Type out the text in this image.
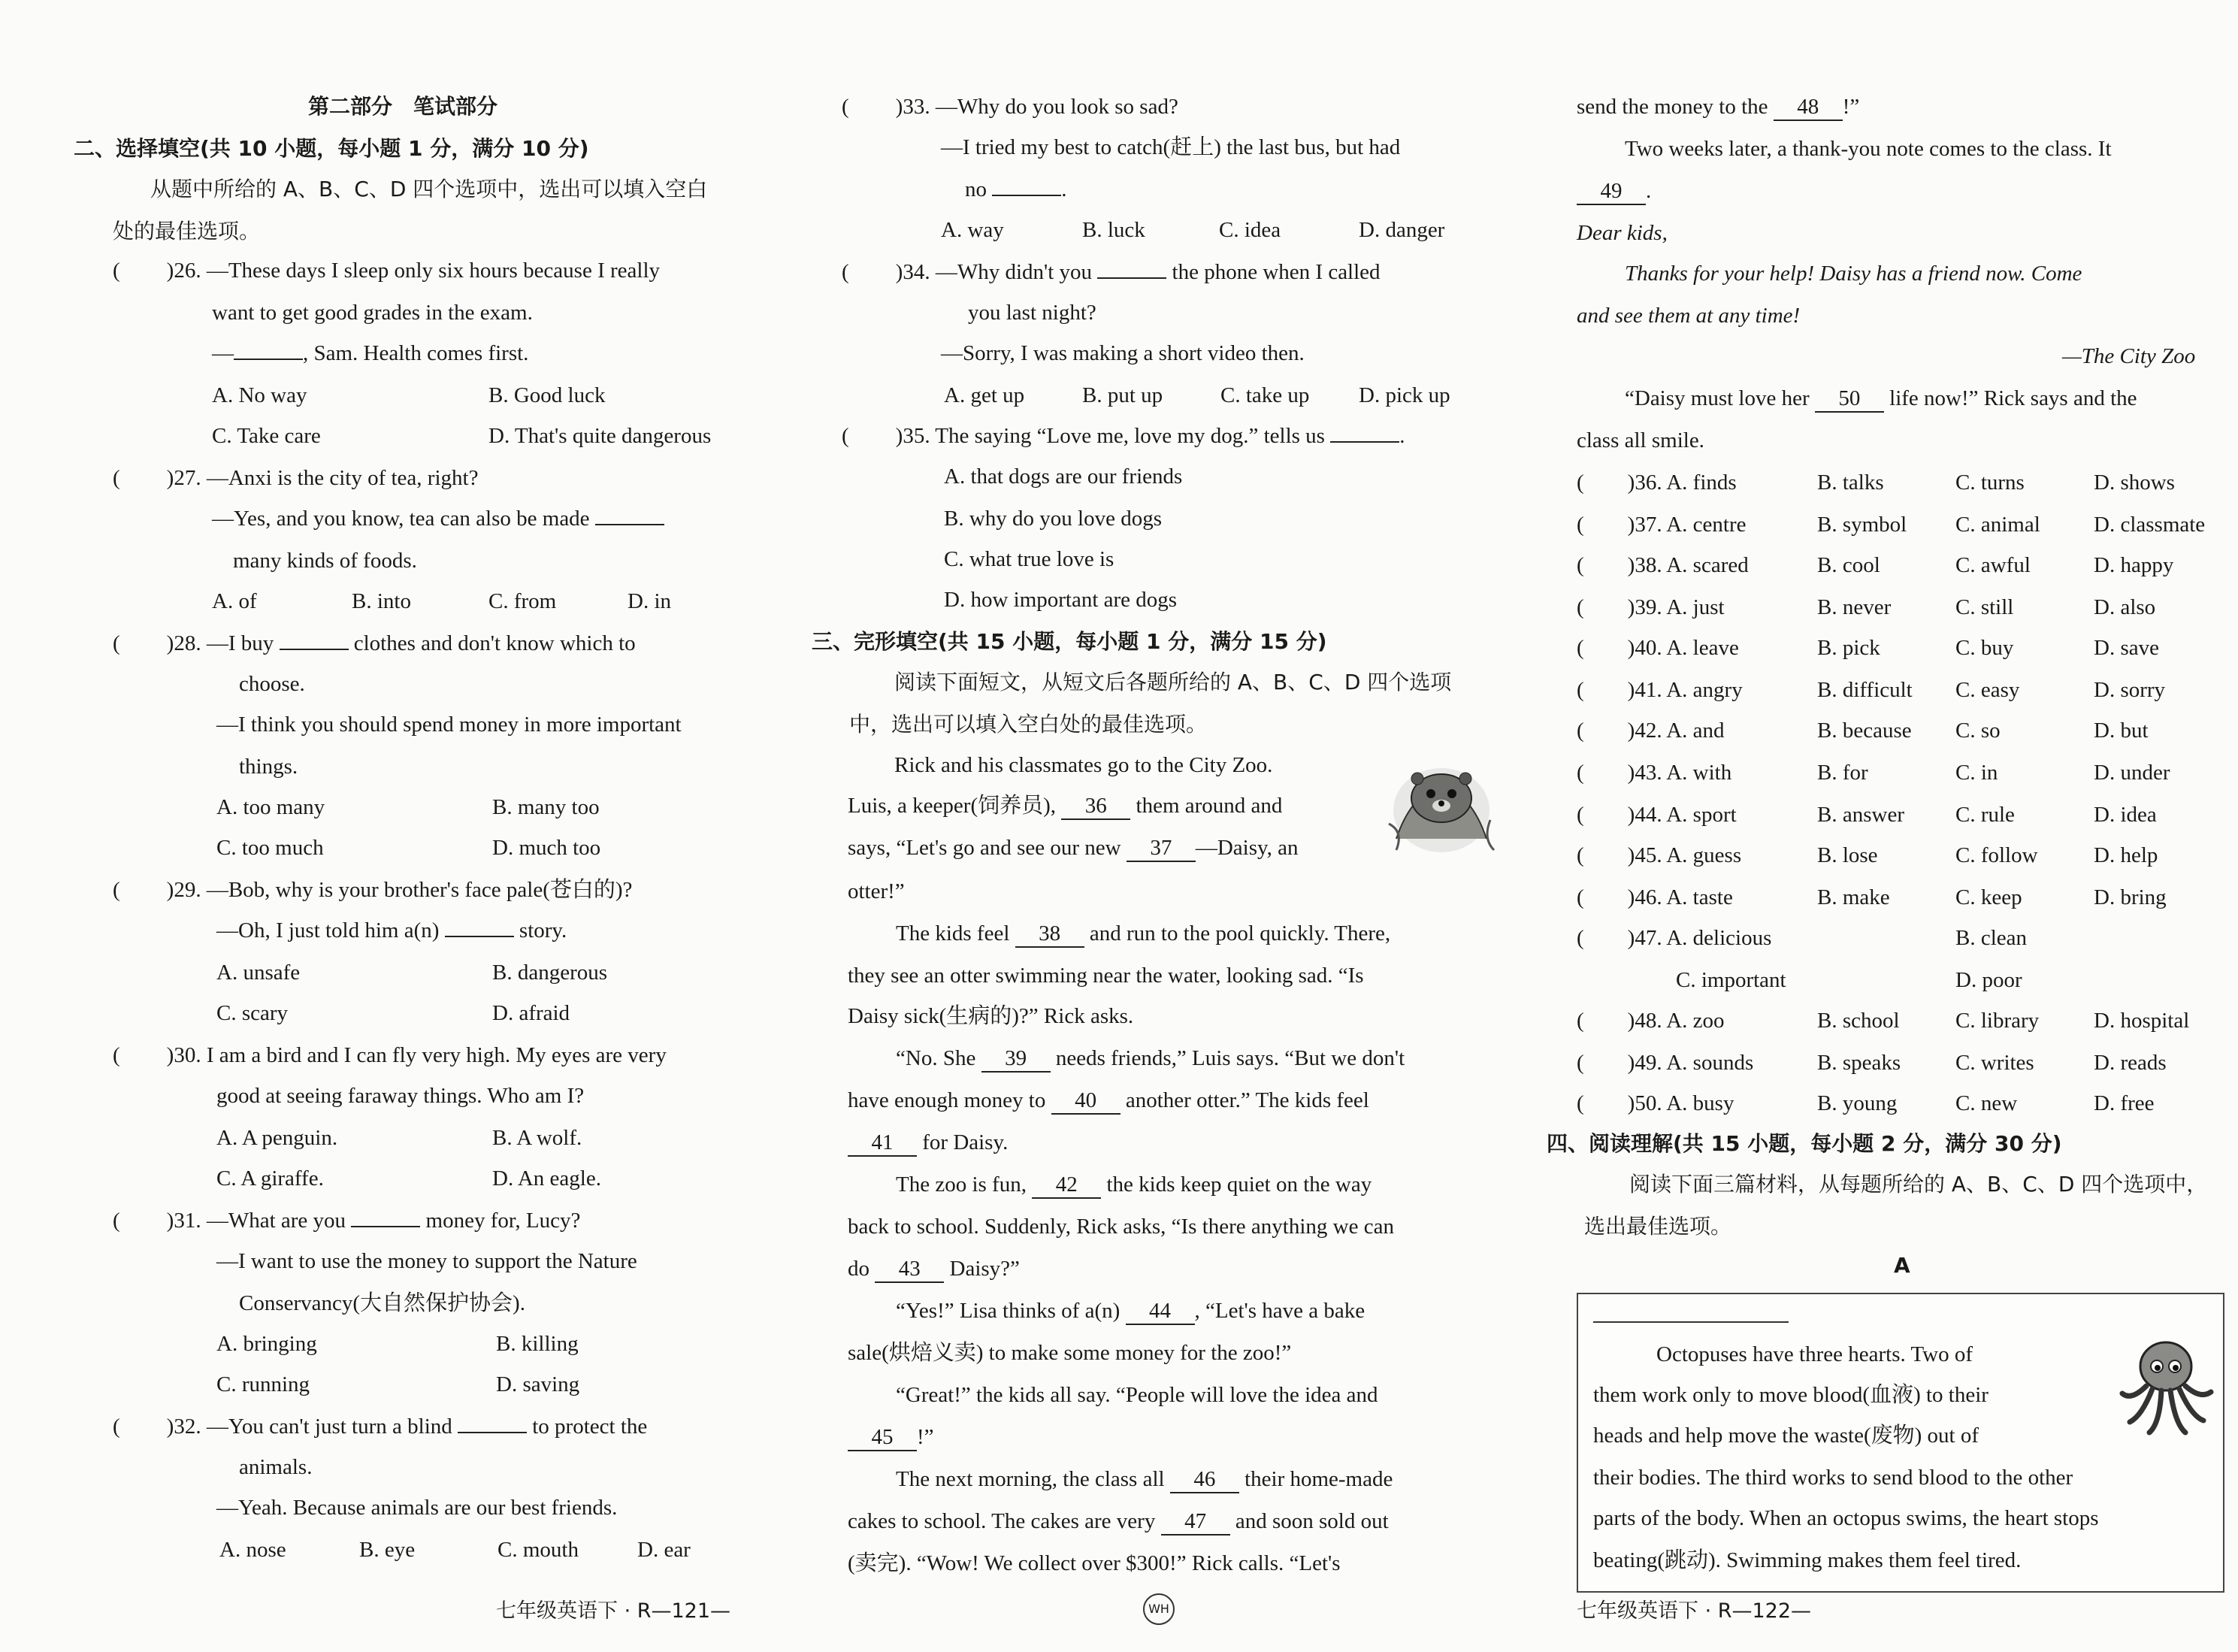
第二部分　笔试部分
二、选择填空(共 10 小题，每小题 1 分，满分 10 分)
从题中所给的 A、B、C、D 四个选项中，选出可以填入空白
处的最佳选项。
( )26. —These days I sleep only six hours because I really
want to get good grades in the exam.
—	, Sam. Health comes first.
A. No way	B. Good luck
C. Take care	D. That's quite dangerous
( )27. —Anxi is the city of tea, right?
—Yes, and you know, tea can also be made
many kinds of foods.
A. of	B. into	C. from	D. in
( )28. —I buy	clothes and don't know which to
choose.
—I think you should spend money in more important
things.
A. too many	B. many too
C. too much	D. much too
( )29. —Bob, why is your brother's face pale(苍白的)?
—Oh, I just told him a(n)	story.
A. unsafe	B. dangerous
C. scary	D. afraid
( )30. I am a bird and I can fly very high. My eyes are very
good at seeing faraway things. Who am I?
A. A penguin.	B. A wolf.
C. A giraffe.	D. An eagle.
( )31. —What are you	money for, Lucy?
—I want to use the money to support the Nature
Conservancy(大自然保护协会).
A. bringing	B. killing
C. running	D. saving
( )32. —You can't just turn a blind	to protect the
animals.
—Yeah. Because animals are our best friends.
A. nose	B. eye	C. mouth	D. ear
七年级英语下 · R—121—
( )33. —Why do you look so sad?
—I tried my best to catch(赶上) the last bus, but had
no	.
A. way	B. luck	C. idea	D. danger
( )34. —Why didn't you	the phone when I called
you last night?
—Sorry, I was making a short video then.
A. get up	B. put up	C. take up D. pick up
( )35. The saying “Love me, love my dog.” tells us	.
A. that dogs are our friends
B. why do you love dogs
C. what true love is
D. how important are dogs
三、完形填空(共 15 小题，每小题 1 分，满分 15 分)
阅读下面短文，从短文后各题所给的 A、B、C、D 四个选项
中，选出可以填入空白处的最佳选项。
Rick and his classmates go to the City Zoo.
Luis, a keeper(饲养员), 36 them around and
says, “Let's go and see our new 37 —Daisy, an
otter!”
The kids feel 38 and run to the pool quickly. There,
they see an otter swimming near the water, looking sad. “Is
Daisy sick(生病的)?” Rick asks.
“No. She 39 needs friends,” Luis says. “But we don't
have enough money to 40 another otter.” The kids feel
41 for Daisy.
The zoo is fun, 42 the kids keep quiet on the way
back to school. Suddenly, Rick asks, “Is there anything we can
do 43 Daisy?”
“Yes!” Lisa thinks of a(n) 44 , “Let's have a bake
sale(烘焙义卖) to make some money for the zoo!”
“Great!” the kids all say. “People will love the idea and
45 !”
The next morning, the class all 46 their home-made
cakes to school. The cakes are very 47 and soon sold out
(卖完). “Wow! We collect over $300!” Rick calls. “Let's
WH
send the money to the 48 !”
Two weeks later, a thank-you note comes to the class. It
49 .
Dear kids,
Thanks for your help! Daisy has a friend now. Come
and see them at any time!
—The City Zoo
“Daisy must love her 50 life now!” Rick says and the
class all smile.
( )36. A. finds	B. talks	C. turns	D. shows
( )37. A. centre	B. symbol C. animal D. classmate
( )38. A. scared	B. cool	C. awful	D. happy
( )39. A. just	B. never	C. still	D. also
( )40. A. leave	B. pick	C. buy	D. save
( )41. A. angry	B. difficult C. easy	D. sorry
( )42. A. and	B. because C. so	D. but
( )43. A. with	B. for	C. in	D. under
( )44. A. sport	B. answer C. rule	D. idea
( )45. A. guess	B. lose	C. follow	D. help
( )46. A. taste	B. make	C. keep	D. bring
( )47. A. delicious	B. clean
C. important	D. poor
( )48. A. zoo	B. school	C. library	D. hospital
( )49. A. sounds	B. speaks	C. writes	D. reads
( )50. A. busy	B. young	C. new	D. free
四、阅读理解(共 15 小题，每小题 2 分，满分 30 分)
阅读下面三篇材料，从每题所给的 A、B、C、D 四个选项中，
选出最佳选项。
A
Octopuses have three hearts. Two of
them work only to move blood(血液) to their
heads and help move the waste(废物) out of
their bodies. The third works to send blood to the other
parts of the body. When an octopus swims, the heart stops
beating(跳动). Swimming makes them feel tired.
七年级英语下 · R—122—
